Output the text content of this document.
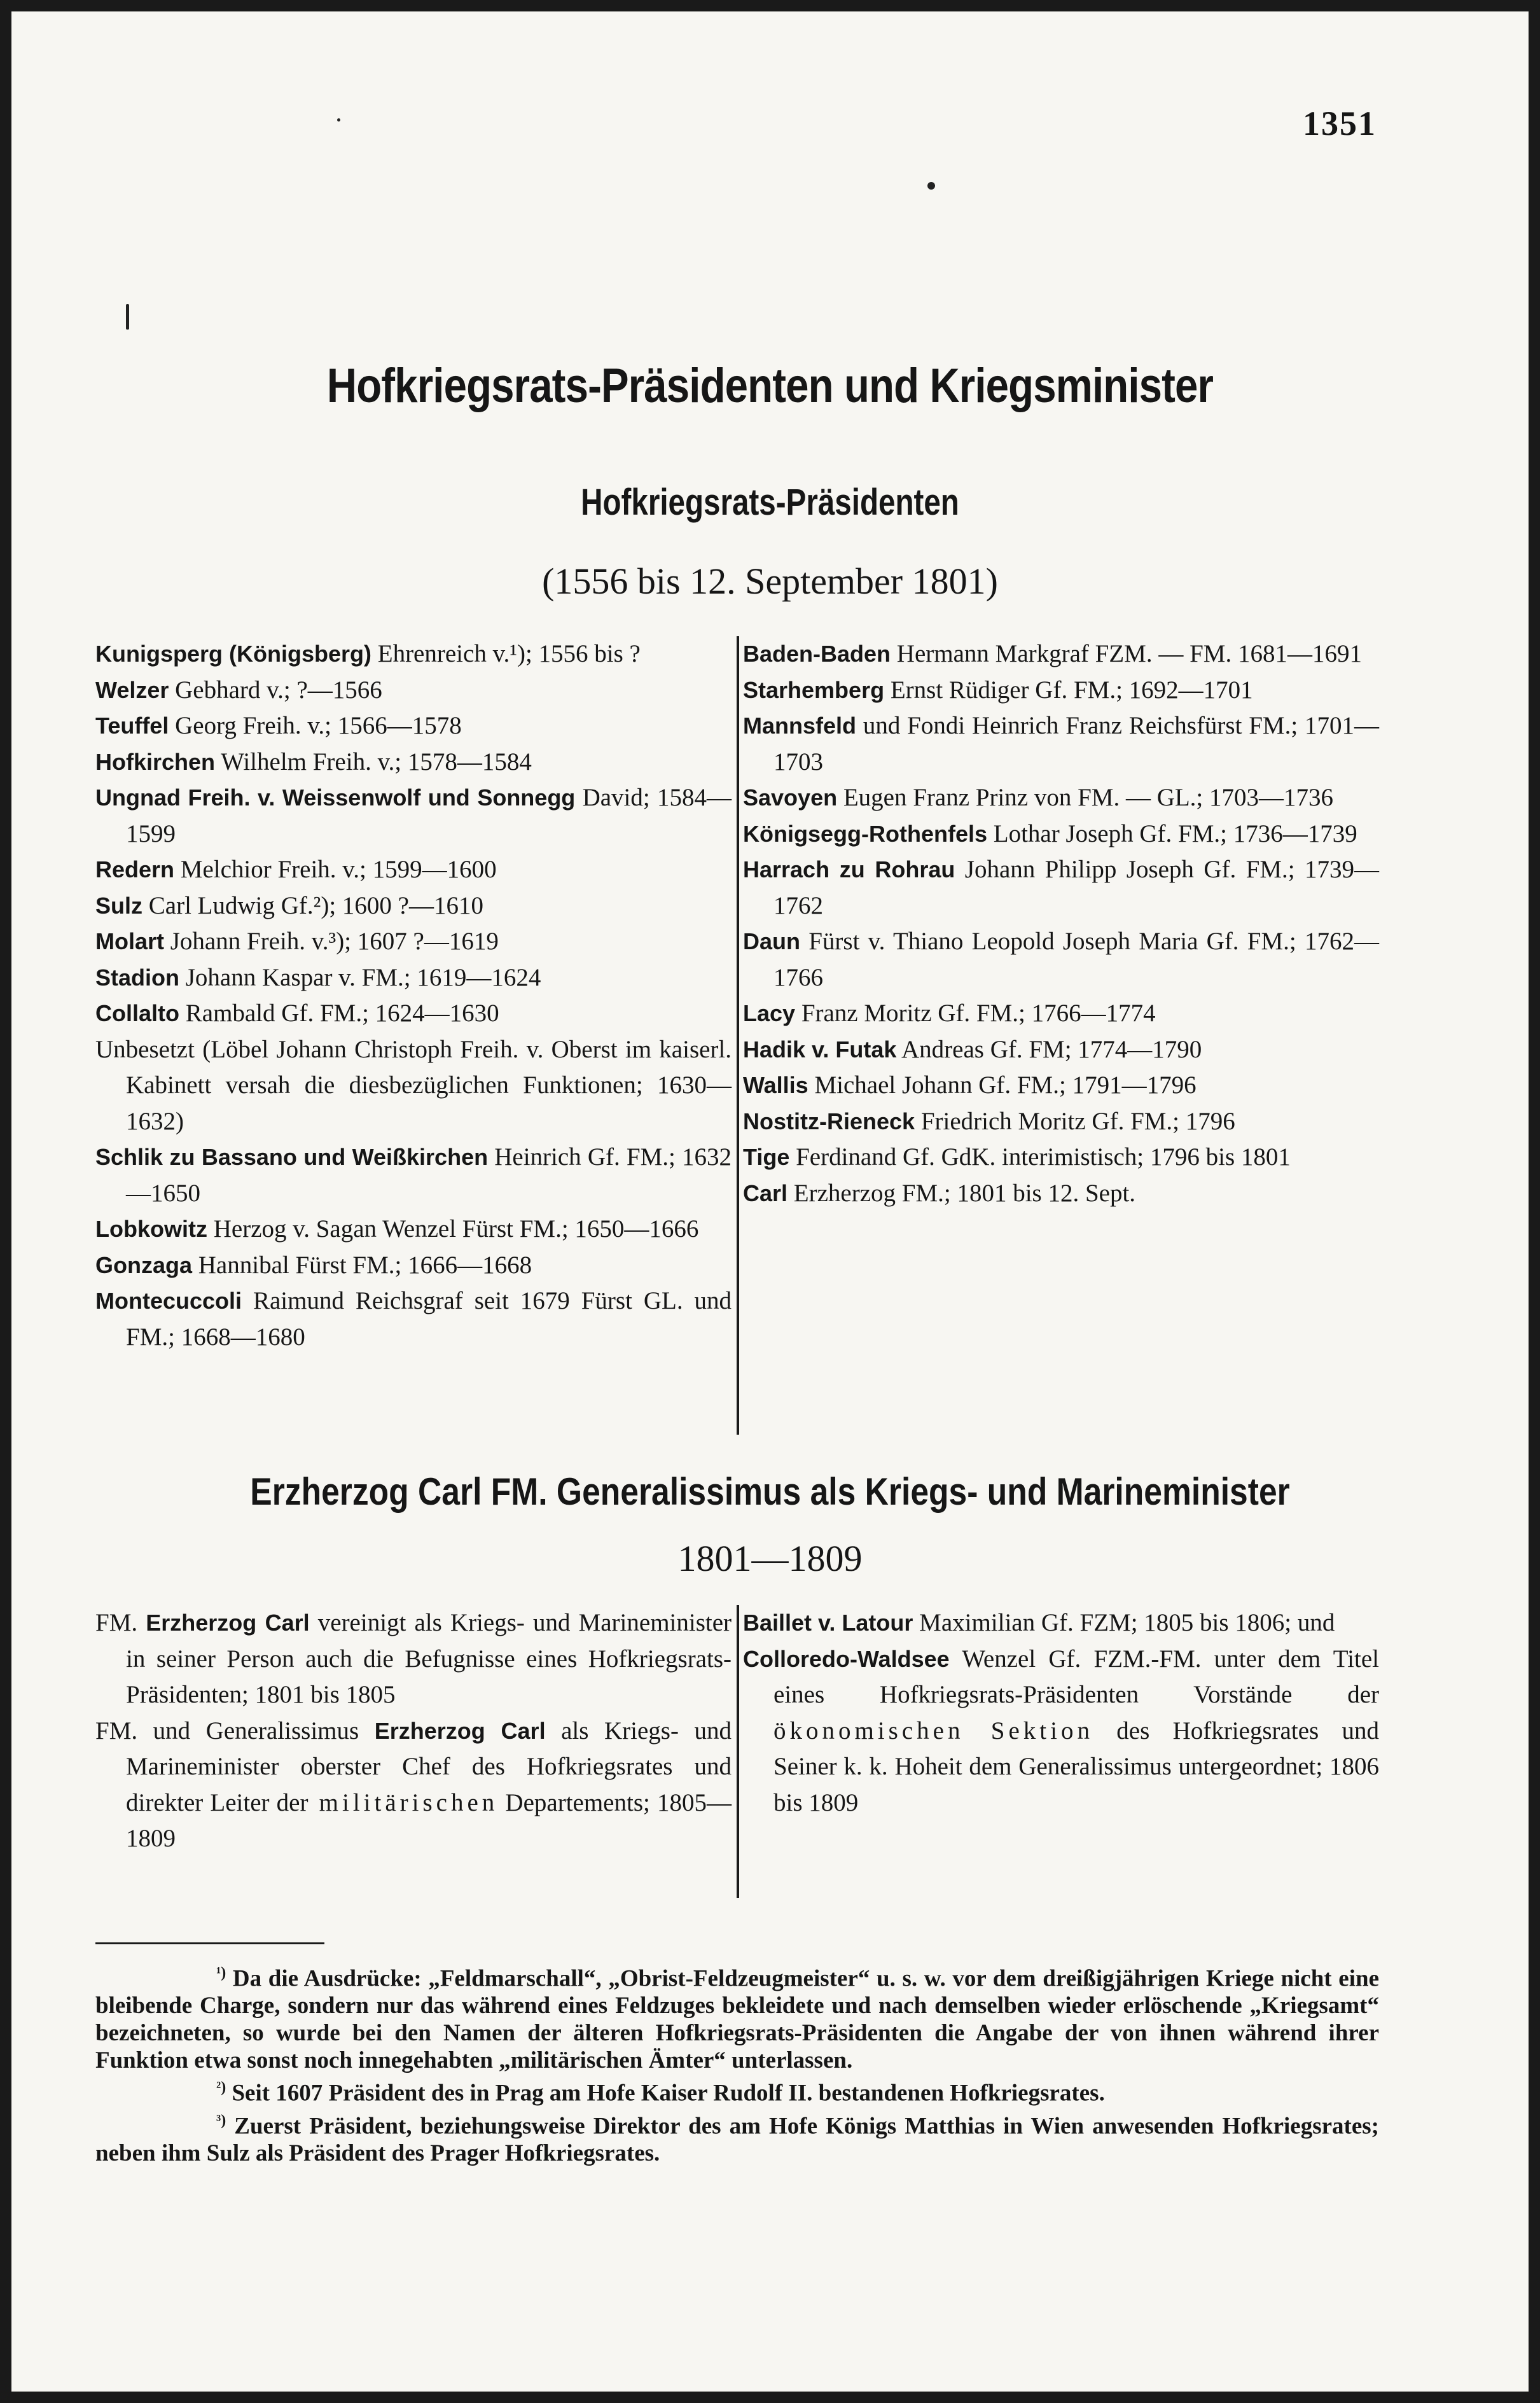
1351
Hofkriegsrats-Präsidenten und Kriegsminister
Hofkriegsrats-Präsidenten
(1556 bis 12. September 1801)

Kunigsperg (Königsberg) Ehrenreich v.¹); 1556 bis ?

Welzer Gebhard v.; ?—1566

Teuffel Georg Freih. v.; 1566—1578

Hofkirchen Wilhelm Freih. v.; 1578—1584

Ungnad Freih. v. Weissenwolf und Sonnegg David; 1584—1599

Redern Melchior Freih. v.; 1599—1600

Sulz Carl Ludwig Gf.²); 1600 ?—1610

Molart Johann Freih. v.³); 1607 ?—1619

Stadion Johann Kaspar v. FM.; 1619—1624

Collalto Rambald Gf. FM.; 1624—1630

Unbesetzt (Löbel Johann Christoph Freih. v. Oberst im kaiserl. Kabinett versah die diesbezüglichen Funktionen; 1630—1632)

Schlik zu Bassano und Weißkirchen Heinrich Gf. FM.; 1632—1650

Lobkowitz Herzog v. Sagan Wenzel Fürst FM.; 1650—1666

Gonzaga Hannibal Fürst FM.; 1666—1668

Montecuccoli Raimund Reichsgraf seit 1679 Fürst GL. und FM.; 1668—1680

Baden-Baden Hermann Markgraf FZM. — FM. 1681—1691

Starhemberg Ernst Rüdiger Gf. FM.; 1692—1701

Mannsfeld und Fondi Heinrich Franz Reichsfürst FM.; 1701—1703

Savoyen Eugen Franz Prinz von FM. — GL.; 1703—1736

Königsegg-Rothenfels Lothar Joseph Gf. FM.; 1736—1739

Harrach zu Rohrau Johann Philipp Joseph Gf. FM.; 1739—1762

Daun Fürst v. Thiano Leopold Joseph Maria Gf. FM.; 1762—1766

Lacy Franz Moritz Gf. FM.; 1766—1774

Hadik v. Futak Andreas Gf. FM; 1774—1790

Wallis Michael Johann Gf. FM.; 1791—1796

Nostitz-Rieneck Friedrich Moritz Gf. FM.; 1796

Tige Ferdinand Gf. GdK. interimistisch; 1796 bis 1801

Carl Erzherzog FM.; 1801 bis 12. Sept.

Erzherzog Carl FM. Generalissimus als Kriegs- und Marineminister
1801—1809

FM. Erzherzog Carl vereinigt als Kriegs- und Marineminister in seiner Person auch die Befugnisse eines Hofkriegsrats-Präsidenten; 1801 bis 1805

FM. und Generalissimus Erzherzog Carl als Kriegs- und Marineminister oberster Chef des Hofkriegsrates und direkter Leiter der militärischen Departements; 1805—1809

Baillet v. Latour Maximilian Gf. FZM; 1805 bis 1806; und

Colloredo-Waldsee Wenzel Gf. FZM.-FM. unter dem Titel eines Hofkriegsrats-Präsidenten Vorstände der ökonomischen Sektion des Hofkriegsrates und Seiner k. k. Hoheit dem Generalissimus untergeordnet; 1806 bis 1809

$^{^1)}$ Da die Ausdrücke: „Feldmarschall“, „Obrist-Feldzeugmeister“ u. s. w. vor dem dreißigjährigen Kriege nicht eine bleibende Charge, sondern nur das während eines Feldzuges bekleidete und nach demselben wieder erlöschende „Kriegsamt“ bezeichneten, so wurde bei den Namen der älteren Hofkriegsrats-Präsidenten die Angabe der von ihnen während ihrer Funktion etwa sonst noch innegehabten „militärischen Ämter“ unterlassen.

$^{^2)}$ Seit 1607 Präsident des in Prag am Hofe Kaiser Rudolf II. bestandenen Hofkriegsrates.

$^{^3)}$ Zuerst Präsident, beziehungsweise Direktor des am Hofe Königs Matthias in Wien anwesenden Hofkriegsrates; neben ihm Sulz als Präsident des Prager Hofkriegsrates.
